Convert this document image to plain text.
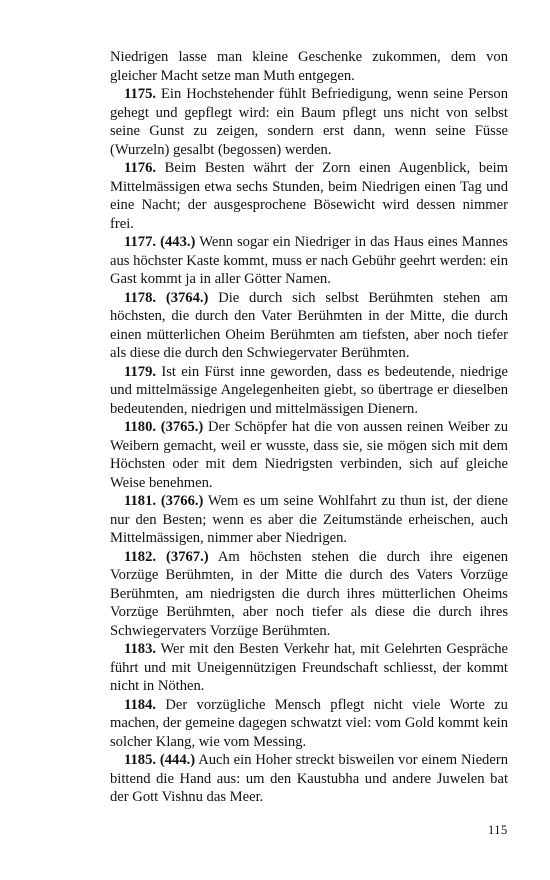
Niedrigen lasse man kleine Geschenke zukommen, dem von gleicher Macht setze man Muth entgegen.

1175. Ein Hochstehender fühlt Befriedigung, wenn seine Person gehegt und gepflegt wird: ein Baum pflegt uns nicht von selbst seine Gunst zu zeigen, sondern erst dann, wenn seine Füsse (Wurzeln) gesalbt (begossen) werden.

1176. Beim Besten währt der Zorn einen Augenblick, beim Mittelmässigen etwa sechs Stunden, beim Niedrigen einen Tag und eine Nacht; der ausgesprochene Bösewicht wird dessen nimmer frei.

1177. (443.) Wenn sogar ein Niedriger in das Haus eines Mannes aus höchster Kaste kommt, muss er nach Gebühr geehrt werden: ein Gast kommt ja in aller Götter Namen.

1178. (3764.) Die durch sich selbst Berühmten stehen am höchsten, die durch den Vater Berühmten in der Mitte, die durch einen mütterlichen Oheim Berühmten am tiefsten, aber noch tiefer als diese die durch den Schwiegervater Berühmten.

1179. Ist ein Fürst inne geworden, dass es bedeutende, niedrige und mittelmässige Angelegenheiten giebt, so übertrage er dieselben bedeutenden, niedrigen und mittelmässigen Dienern.

1180. (3765.) Der Schöpfer hat die von aussen reinen Weiber zu Weibern gemacht, weil er wusste, dass sie, sie mögen sich mit dem Höchsten oder mit dem Niedrigsten verbinden, sich auf gleiche Weise benehmen.

1181. (3766.) Wem es um seine Wohlfahrt zu thun ist, der diene nur den Besten; wenn es aber die Zeitumstände erheischen, auch Mittelmässigen, nimmer aber Niedrigen.

1182. (3767.) Am höchsten stehen die durch ihre eigenen Vorzüge Berühmten, in der Mitte die durch des Vaters Vorzüge Berühmten, am niedrigsten die durch ihres mütterlichen Oheims Vorzüge Berühmten, aber noch tiefer als diese die durch ihres Schwiegervaters Vorzüge Berühmten.

1183. Wer mit den Besten Verkehr hat, mit Gelehrten Gespräche führt und mit Uneigennützigen Freundschaft schliesst, der kommt nicht in Nöthen.

1184. Der vorzügliche Mensch pflegt nicht viele Worte zu machen, der gemeine dagegen schwatzt viel: vom Gold kommt kein solcher Klang, wie vom Messing.

1185. (444.) Auch ein Hoher streckt bisweilen vor einem Niedern bittend die Hand aus: um den Kaustubha und andere Juwelen bat der Gott Vishnu das Meer.

115
